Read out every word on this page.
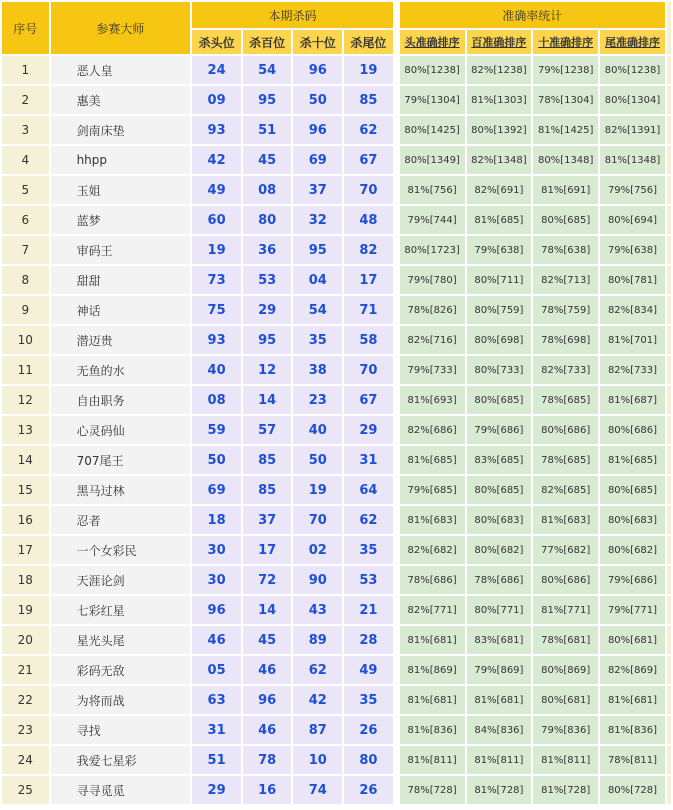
序号	参赛大师	本期杀码					准确率统计				
		杀头位	杀百位	杀十位	杀尾位		头准确排序	百准确排序	十准确排序	尾准确排序	
1	恶人皇	24	54	96	19		80%[1238]	82%[1238]	79%[1238]	80%[1238]	
2	惠美	09	95	50	85		79%[1304]	81%[1303]	78%[1304]	80%[1304]	
3	剑南床垫	93	51	96	62		80%[1425]	80%[1392]	81%[1425]	82%[1391]	
4	hhpp	42	45	69	67		80%[1349]	82%[1348]	80%[1348]	81%[1348]	
5	玉姐	49	08	37	70		81%[756]	82%[691]	81%[691]	79%[756]	
6	蓝梦	60	80	32	48		79%[744]	81%[685]	80%[685]	80%[694]	
7	审码王	19	36	95	82		80%[1723]	79%[638]	78%[638]	79%[638]	
8	甜甜	73	53	04	17		79%[780]	80%[711]	82%[713]	80%[781]	
9	神话	75	29	54	71		78%[826]	80%[759]	78%[759]	82%[834]	
10	潜迈贵	93	95	35	58		82%[716]	80%[698]	78%[698]	81%[701]	
11	无鱼的水	40	12	38	70		79%[733]	80%[733]	82%[733]	82%[733]	
12	自由职务	08	14	23	67		81%[693]	80%[685]	78%[685]	81%[687]	
13	心灵码仙	59	57	40	29		82%[686]	79%[686]	80%[686]	80%[686]	
14	707尾王	50	85	50	31		81%[685]	83%[685]	78%[685]	81%[685]	
15	黑马过林	69	85	19	64		79%[685]	80%[685]	82%[685]	80%[685]	
16	忍者	18	37	70	62		81%[683]	80%[683]	81%[683]	80%[683]	
17	一个女彩民	30	17	02	35		82%[682]	80%[682]	77%[682]	80%[682]	
18	天涯论剑	30	72	90	53		78%[686]	78%[686]	80%[686]	79%[686]	
19	七彩红星	96	14	43	21		82%[771]	80%[771]	81%[771]	79%[771]	
20	星光头尾	46	45	89	28		81%[681]	83%[681]	78%[681]	80%[681]	
21	彩码无敌	05	46	62	49		81%[869]	79%[869]	80%[869]	82%[869]	
22	为将而战	63	96	42	35		81%[681]	81%[681]	80%[681]	81%[681]	
23	寻找	31	46	87	26		81%[836]	84%[836]	79%[836]	81%[836]	
24	我爱七星彩	51	78	10	80		81%[811]	81%[811]	81%[811]	78%[811]	
25	寻寻觅觅	29	16	74	26		78%[728]	81%[728]	81%[728]	80%[728]	
